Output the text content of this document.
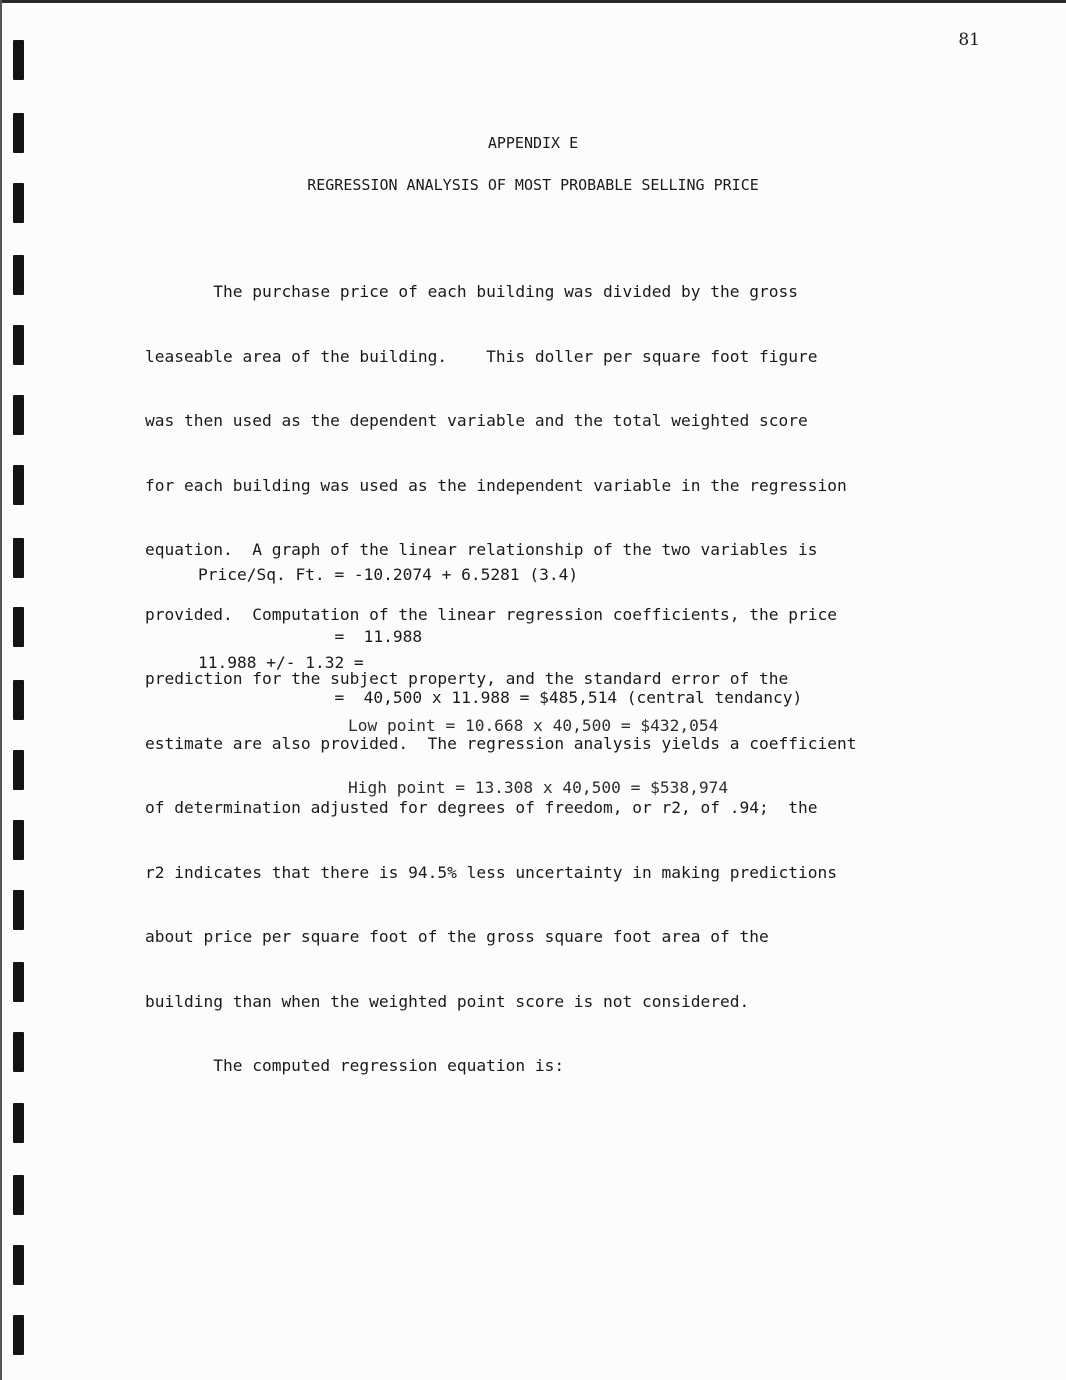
81
APPENDIX E
REGRESSION ANALYSIS OF MOST PROBABLE SELLING PRICE

The purchase price of each building was divided by the gross

leaseable area of the building.    This doller per square foot figure

was then used as the dependent variable and the total weighted score

for each building was used as the independent variable in the regression

equation.  A graph of the linear relationship of the two variables is

provided.  Computation of the linear regression coefficients, the price

prediction for the subject property, and the standard error of the

estimate are also provided.  The regression analysis yields a coefficient

of determination adjusted for degrees of freedom, or r2, of .94;  the

r2 indicates that there is 94.5% less uncertainty in making predictions

about price per square foot of the gross square foot area of the

building than when the weighted point score is not considered.

The computed regression equation is:

Price/Sq. Ft. = -10.2074 + 6.5281 (3.4)

=  11.988

=  40,500 x 11.988 = $485,514 (central tendancy)

11.988 +/- 1.32 =

Low point = 10.668 x 40,500 = $432,054

High point = 13.308 x 40,500 = $538,974
